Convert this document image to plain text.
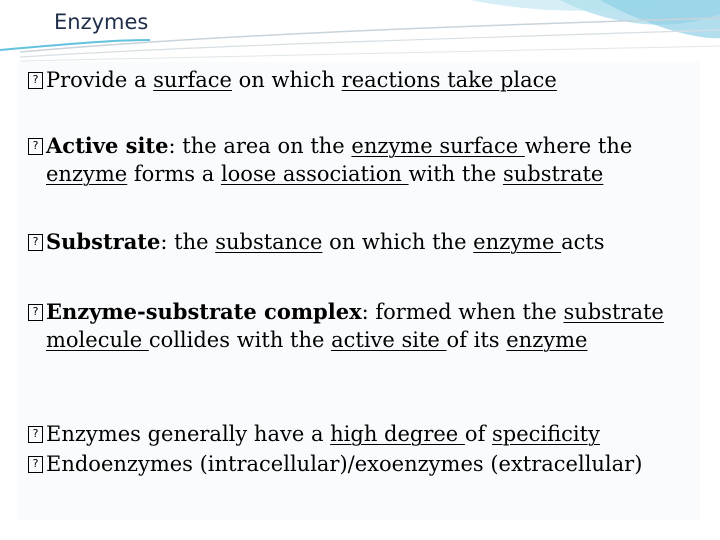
Enzymes
? Provide a surface on which reactions take place
? Active site: the area on the enzyme surface where the enzyme forms a loose association with the substrate
? Substrate: the substance on which the enzyme acts
? Enzyme-substrate complex: formed when the substrate molecule collides with the active site of its enzyme
? Enzymes generally have a high degree of specificity
? Endoenzymes (intracellular)/exoenzymes (extracellular)
